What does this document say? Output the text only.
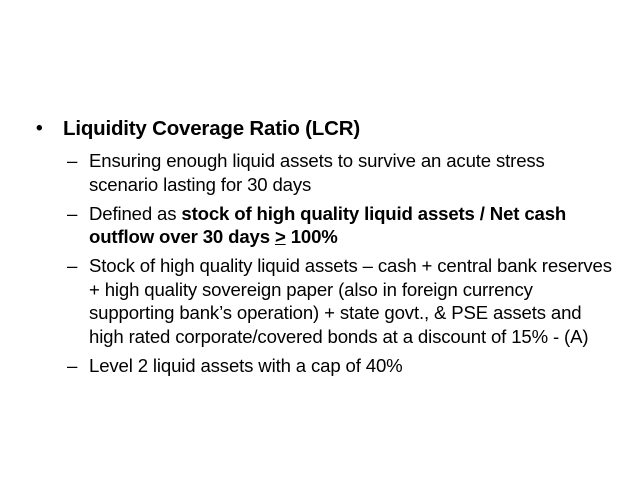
•	Liquidity Coverage Ratio (LCR)
– Ensuring enough liquid assets to survive an acute stress scenario lasting for 30 days
– Defined as stock of high quality liquid assets / Net cash outflow over 30 days ≥ 100%
– Stock of high quality liquid assets – cash + central bank reserves + high quality sovereign paper (also in foreign currency supporting bank’s operation) + state govt., & PSE assets and high rated corporate/covered bonds at a discount of 15% - (A)
– Level 2 liquid assets with a cap of 40%
